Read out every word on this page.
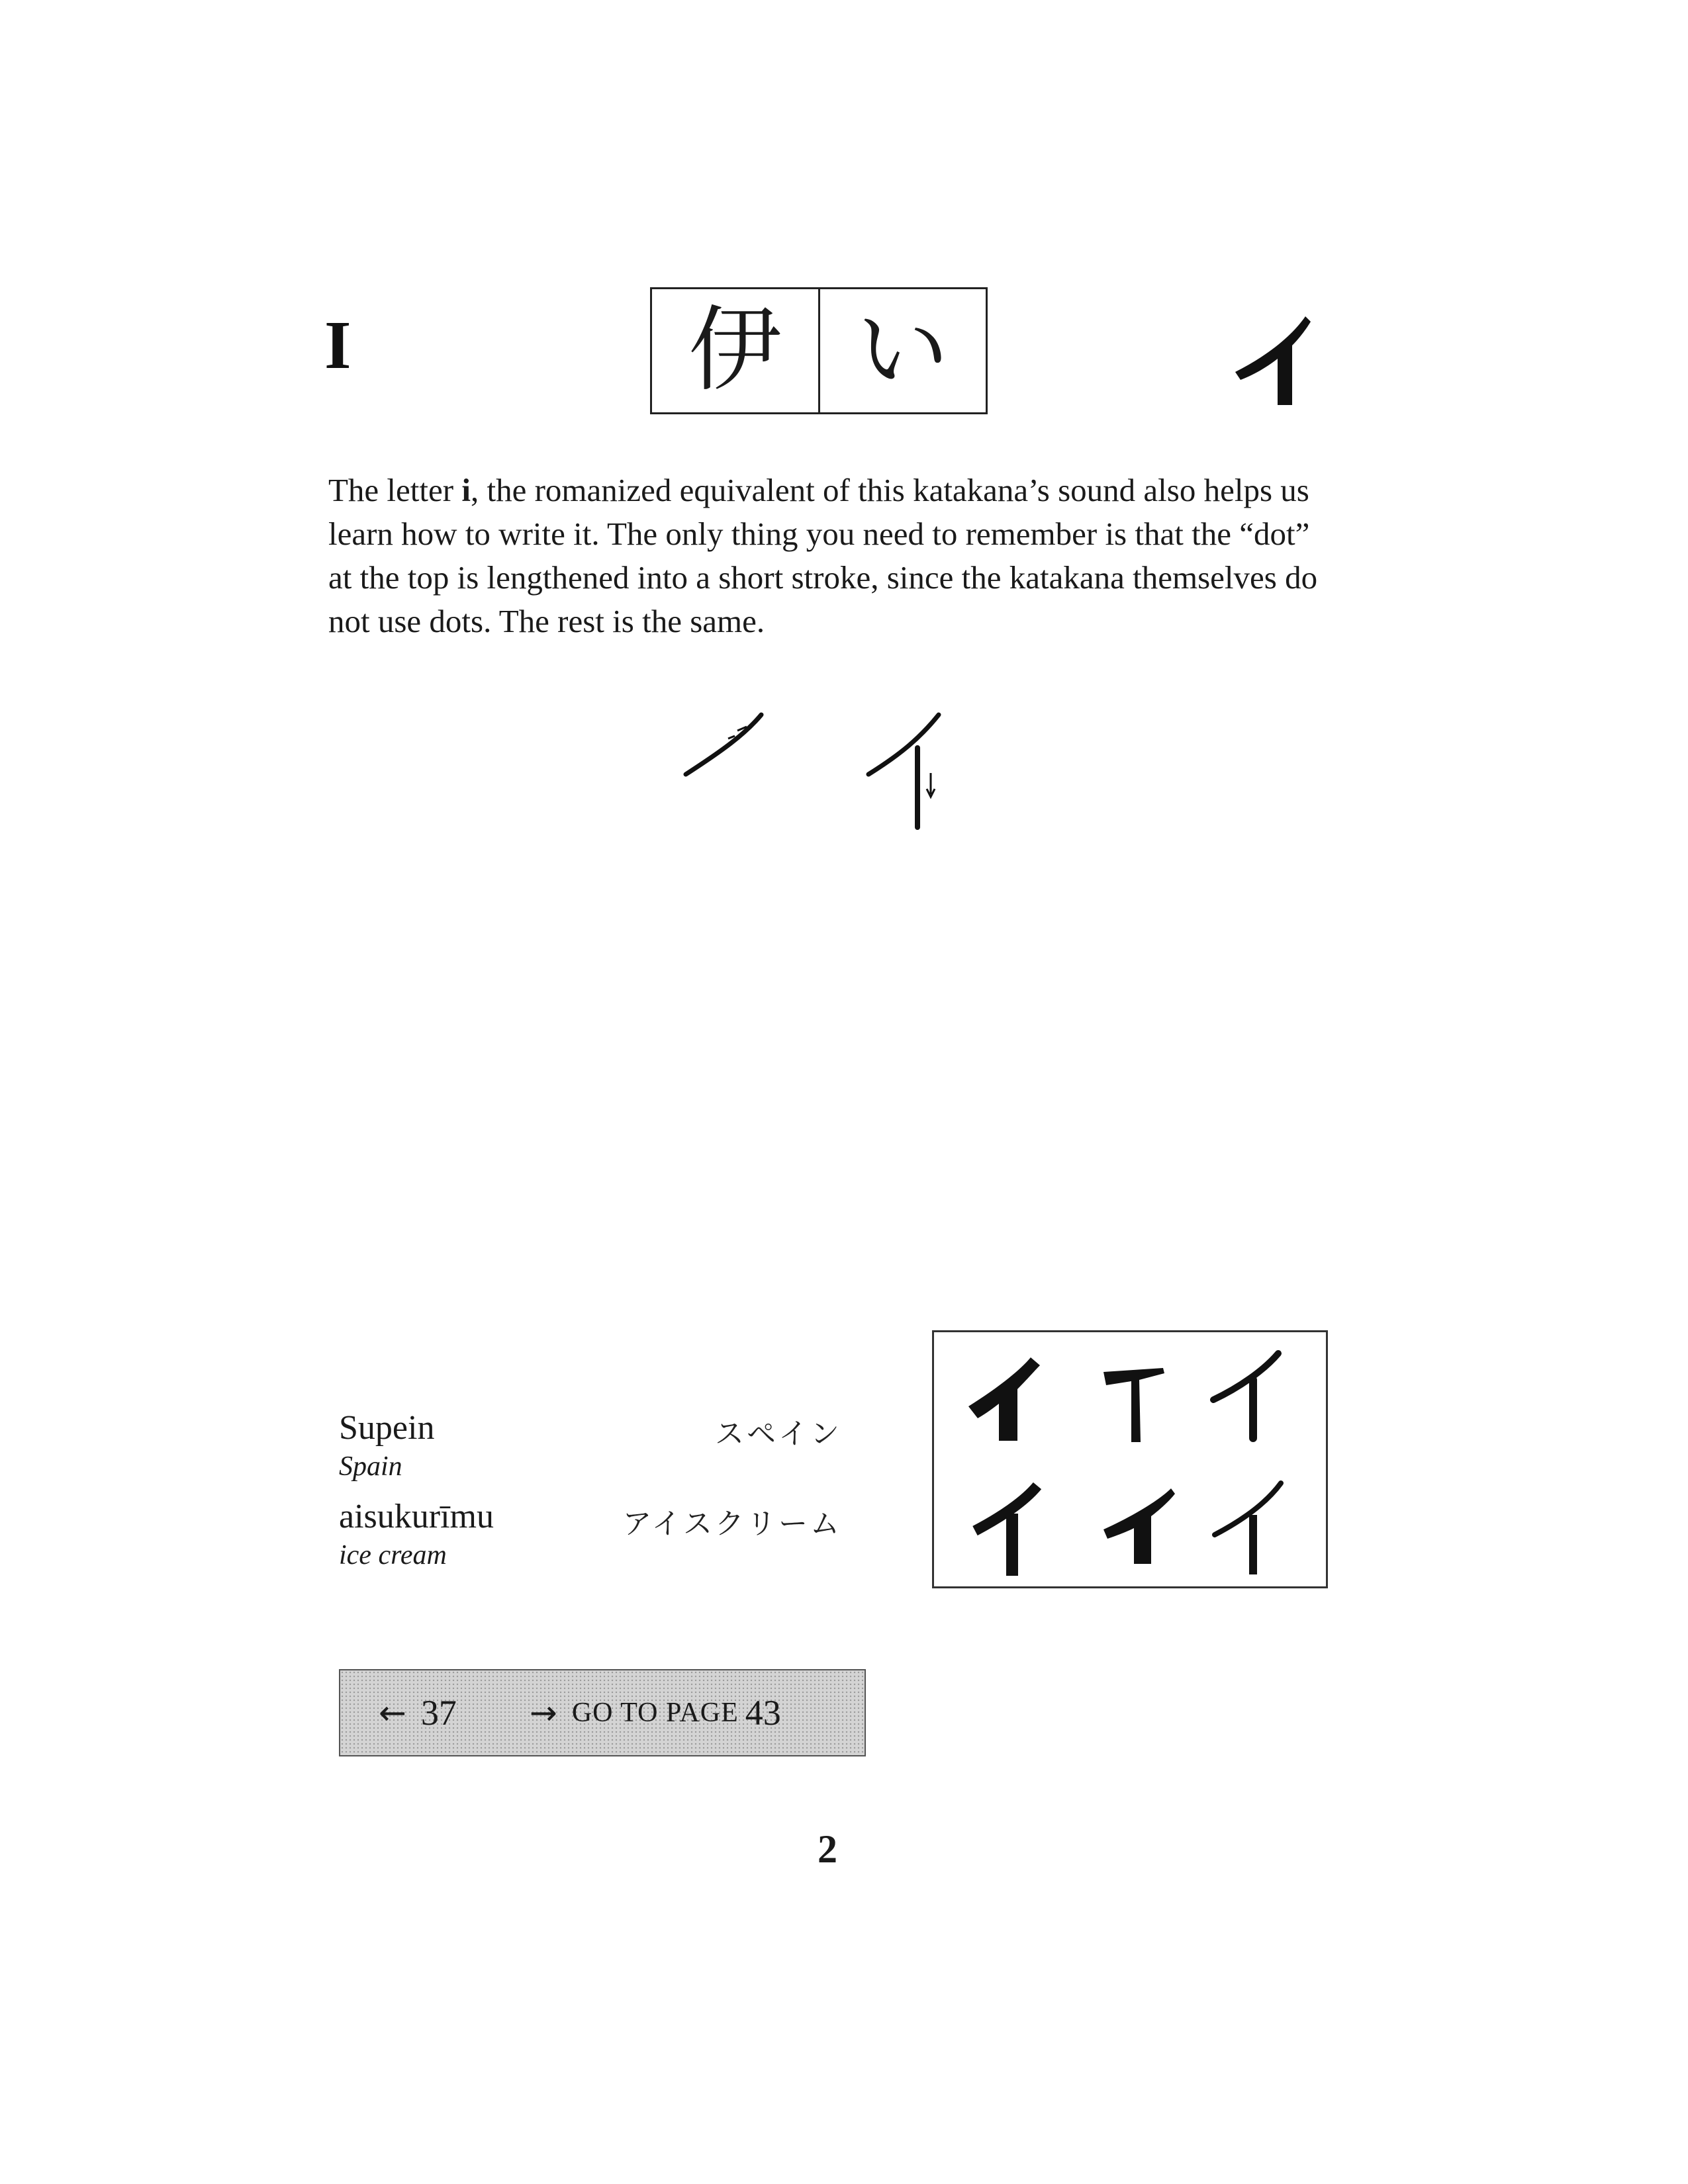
I	伊 い
The letter i, the romanized equivalent of this katakana’s sound also helps us learn how to write it. The only thing you need to remember is that the “dot” at the top is lengthened into a short stroke, since the katakana themselves do not use dots. The rest is the same.
Supein
Spain
スペイン
aisukurīmu
ice cream
アイスクリーム
← 37 → GO TO PAGE 43
2
